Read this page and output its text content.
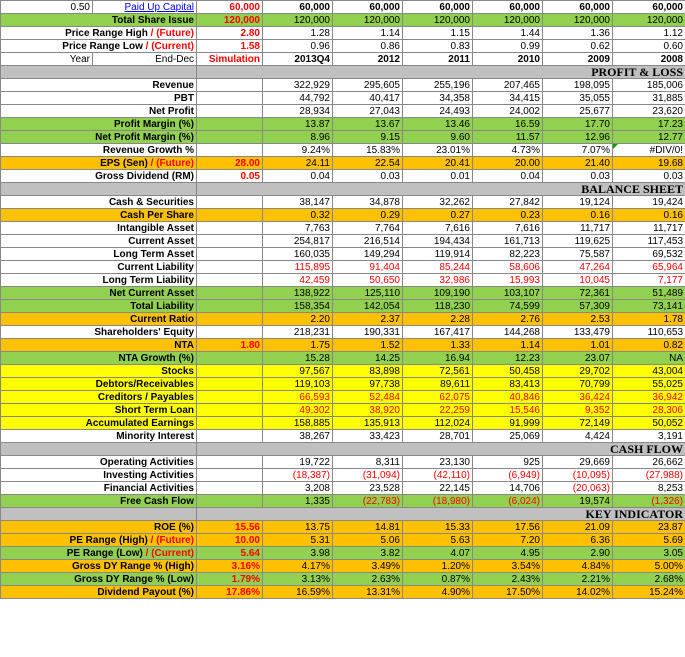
0.50	Paid Up Capital	60,000	60,000	60,000	60,000	60,000	60,000	60,000
Total Share Issue		120,000	120,000	120,000	120,000	120,000	120,000	120,000
Price Range High / (Future)		2.80	1.28	1.14	1.15	1.44	1.36	1.12
Price Range Low / (Current)		1.58	0.96	0.86	0.83	0.99	0.62	0.60
Year	End-Dec	Simulation	2013Q4	2012	2011	2010	2009	2008
		PROFIT & LOSS						
Revenue			322,929	295,605	255,196	207,465	198,095	185,006
PBT			44,792	40,417	34,358	34,415	35,055	31,885
Net Profit			28,934	27,043	24,493	24,002	25,677	23,620
Profit Margin (%)			13.87	13.67	13.46	16.59	17.70	17.23
Net Profit Margin (%)			8.96	9.15	9.60	11.57	12.96	12.77
Revenue Growth %			9.24%	15.83%	23.01%	4.73%	7.07%	#DIV/0!
EPS (Sen) / (Future)		28.00	24.11	22.54	20.41	20.00	21.40	19.68
Gross Dividend (RM)		0.05	0.04	0.03	0.01	0.04	0.03	0.03
		BALANCE SHEET						
Cash & Securities			38,147	34,878	32,262	27,842	19,124	19,424
Cash Per Share			0.32	0.29	0.27	0.23	0.16	0.16
Intangible Asset			7,763	7,764	7,616	7,616	11,717	11,717
Current Asset			254,817	216,514	194,434	161,713	119,625	117,453
Long Term Asset			160,035	149,294	119,914	82,223	75,587	69,532
Current Liability			115,895	91,404	85,244	58,606	47,264	65,964
Long Term Liability			42,459	50,650	32,986	15,993	10,045	7,177
Net Current Asset			138,922	125,110	109,190	103,107	72,361	51,489
Total Liability			158,354	142,054	118,230	74,599	57,309	73,141
Current Ratio			2.20	2.37	2.28	2.76	2.53	1.78
Shareholders' Equity			218,231	190,331	167,417	144,268	133,479	110,653
NTA		1.80	1.75	1.52	1.33	1.14	1.01	0.82
NTA Growth (%)			15.28	14.25	16.94	12.23	23.07	NA
Stocks			97,567	83,898	72,561	50,458	29,702	43,004
Debtors/Receivables			119,103	97,738	89,611	83,413	70,799	55,025
Creditors / Payables			66,593	52,484	62,075	40,846	36,424	36,942
Short Term Loan			49,302	38,920	22,259	15,546	9,352	28,306
Accumulated Earnings			158,885	135,913	112,024	91,999	72,149	50,052
Minority Interest			38,267	33,423	28,701	25,069	4,424	3,191
		CASH FLOW						
Operating Activities			19,722	8,311	23,130	925	29,669	26,662
Investing Activities			(18,387)	(31,094)	(42,110)	(6,949)	(10,095)	(27,988)
Financial Activities			3,208	23,528	22,145	14,706	(20,063)	8,253
Free Cash Flow			1,335	(22,783)	(18,980)	(6,024)	19,574	(1,326)
		KEY INDICATOR						
ROE (%)		15.56	13.75	14.81	15.33	17.56	21.09	23.87
PE Range (High) / (Future)		10.00	5.31	5.06	5.63	7.20	6.36	5.69
PE Range (Low) / (Current)		5.64	3.98	3.82	4.07	4.95	2.90	3.05
Gross DY Range % (High)		3.16%	4.17%	3.49%	1.20%	3.54%	4.84%	5.00%
Gross DY Range % (Low)		1.79%	3.13%	2.63%	0.87%	2.43%	2.21%	2.68%
Dividend Payout (%)		17.86%	16.59%	13.31%	4.90%	17.50%	14.02%	15.24%
